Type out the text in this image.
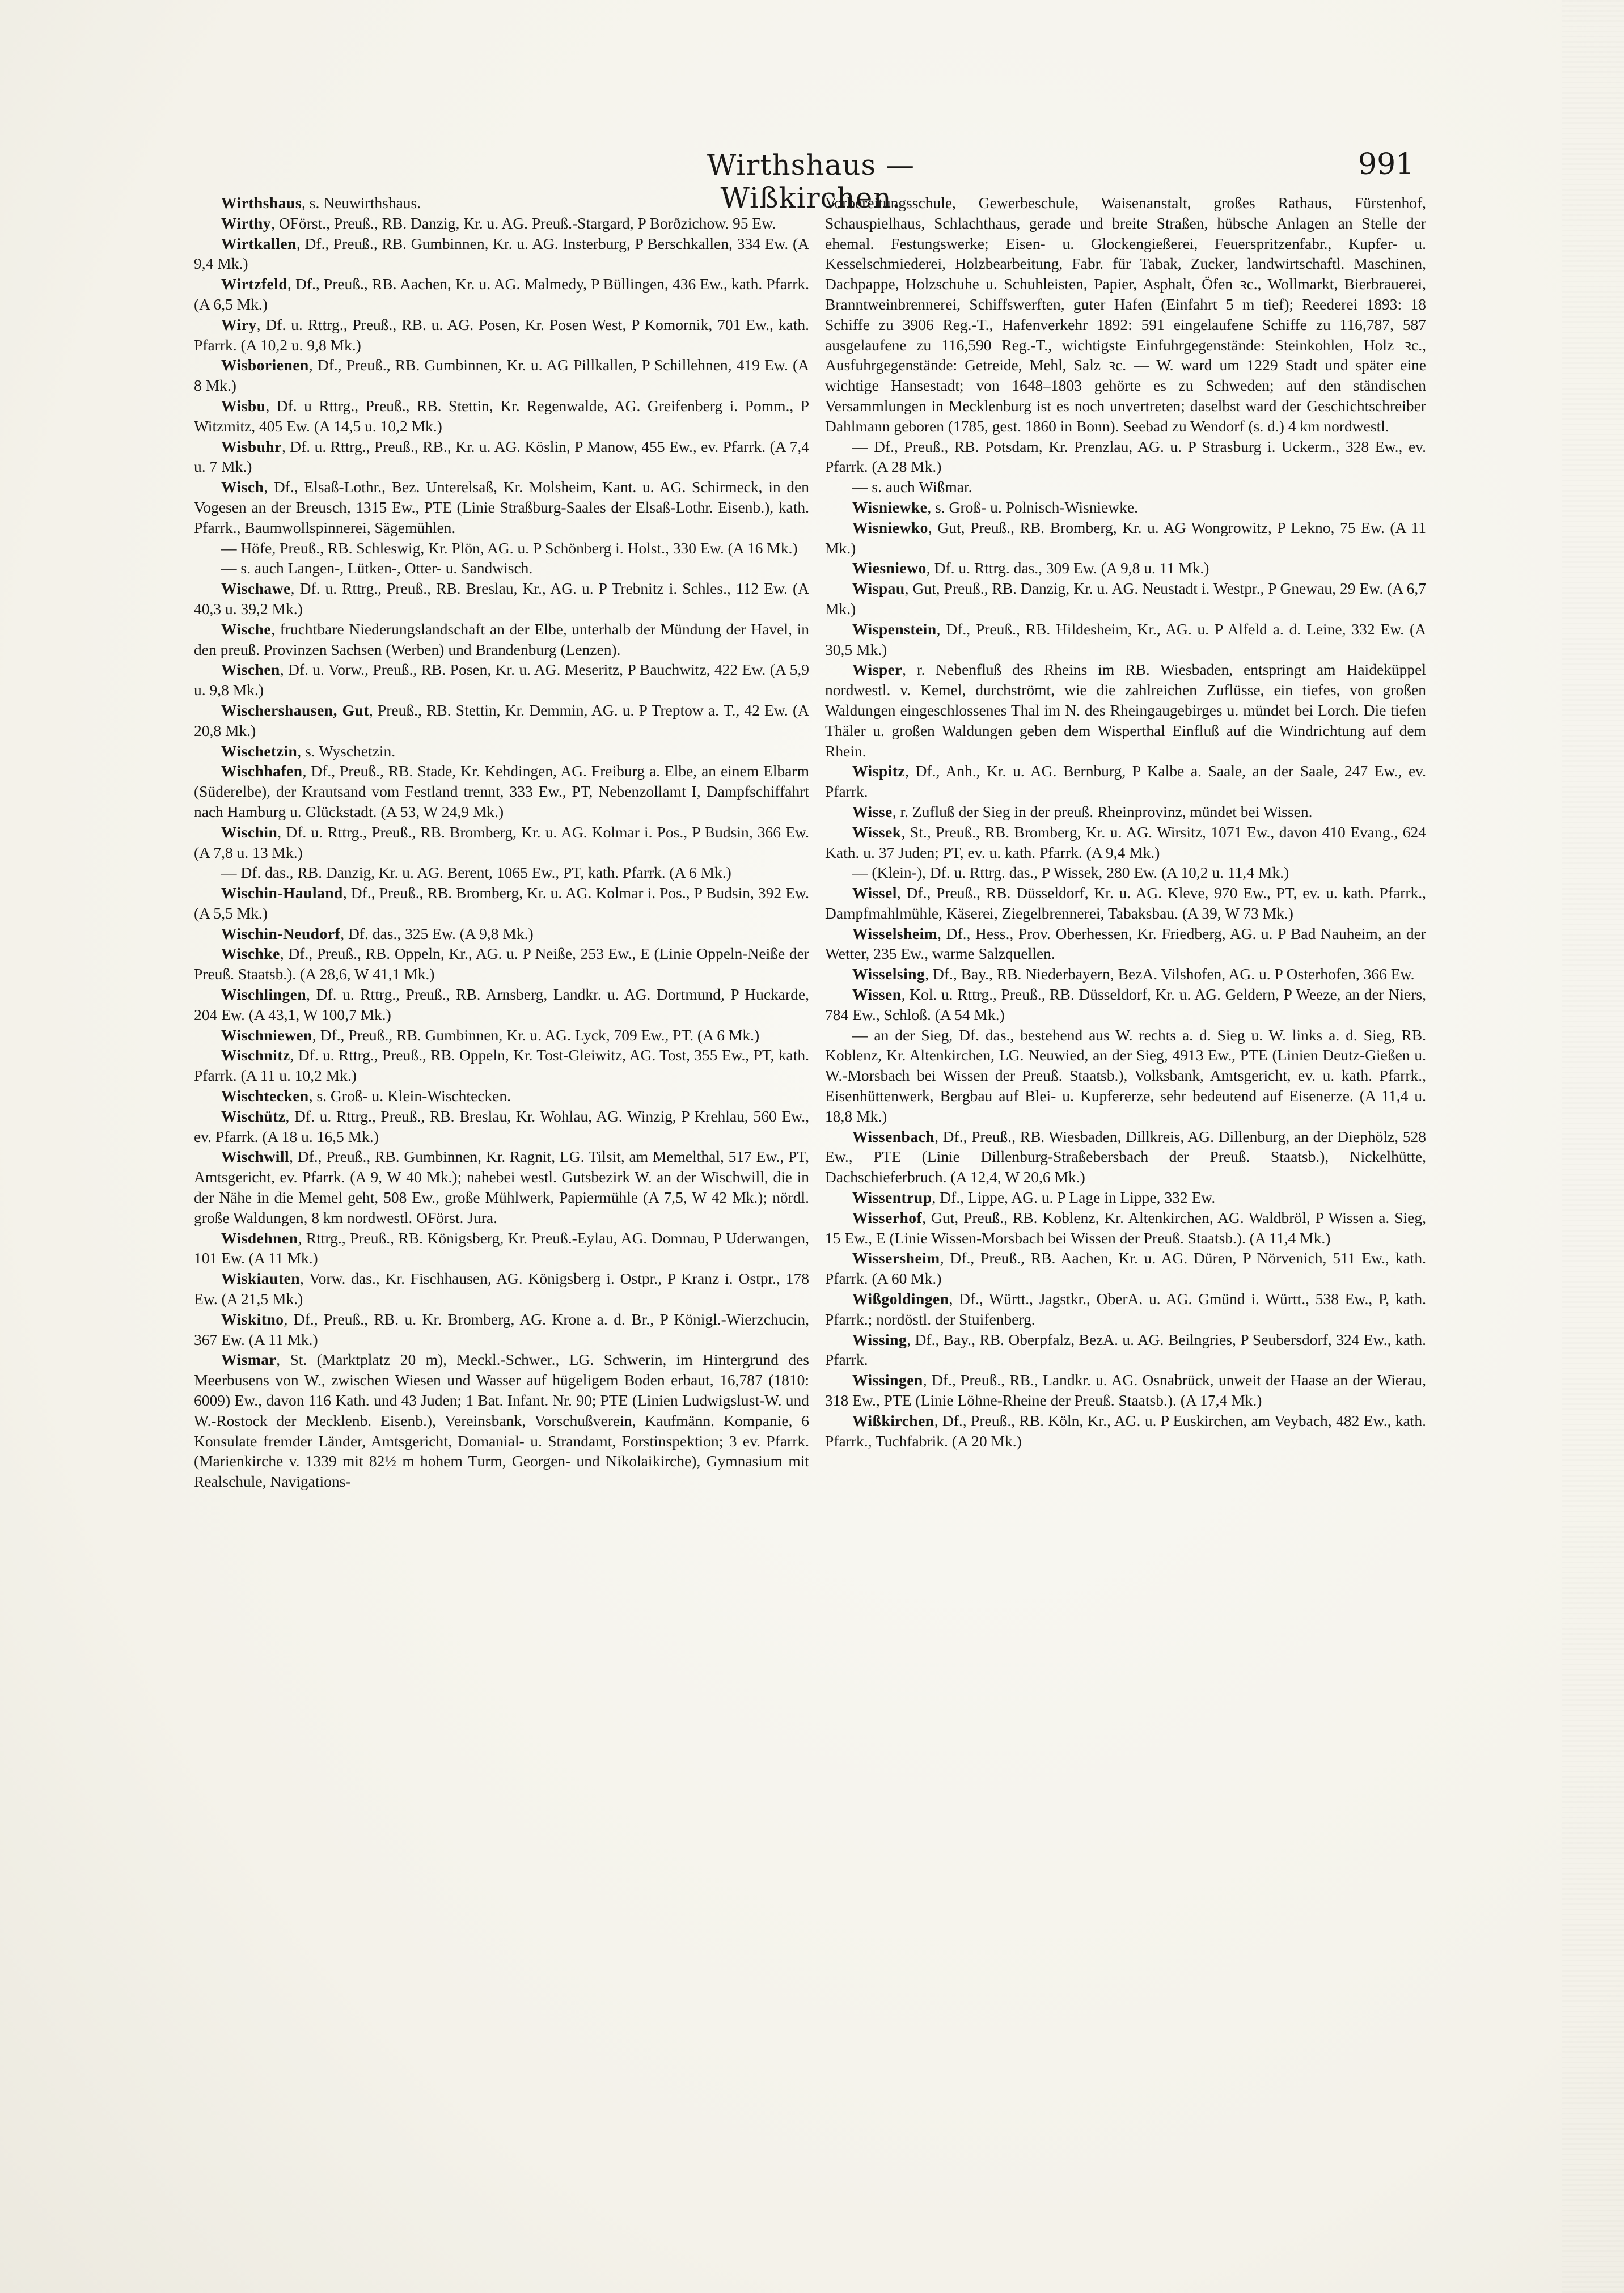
Wirthshaus — Wißkirchen.
991

Wirthshaus, s. Neuwirthshaus.

Wirthy, OFörst., Preuß., RB. Danzig, Kr. u. AG. Preuß.-Stargard, P Borðzichow. 95 Ew.

Wirtkallen, Df., Preuß., RB. Gumbinnen, Kr. u. AG. Insterburg, P Berschkallen, 334 Ew. (A 9,4 Mk.)

Wirtzfeld, Df., Preuß., RB. Aachen, Kr. u. AG. Malmedy, P Büllingen, 436 Ew., kath. Pfarrk. (A 6,5 Mk.)

Wiry, Df. u. Rttrg., Preuß., RB. u. AG. Posen, Kr. Posen West, P Komornik, 701 Ew., kath. Pfarrk. (A 10,2 u. 9,8 Mk.)

Wisborienen, Df., Preuß., RB. Gumbinnen, Kr. u. AG Pillkallen, P Schillehnen, 419 Ew. (A 8 Mk.)

Wisbu, Df. u Rttrg., Preuß., RB. Stettin, Kr. Regenwalde, AG. Greifenberg i. Pomm., P Witzmitz, 405 Ew. (A 14,5 u. 10,2 Mk.)

Wisbuhr, Df. u. Rttrg., Preuß., RB., Kr. u. AG. Köslin, P Manow, 455 Ew., ev. Pfarrk. (A 7,4 u. 7 Mk.)

Wisch, Df., Elsaß-Lothr., Bez. Unterelsaß, Kr. Molsheim, Kant. u. AG. Schirmeck, in den Vogesen an der Breusch, 1315 Ew., PTE (Linie Straßburg-Saales der Elsaß-Lothr. Eisenb.), kath. Pfarrk., Baumwollspinnerei, Sägemühlen.

— Höfe, Preuß., RB. Schleswig, Kr. Plön, AG. u. P Schönberg i. Holst., 330 Ew. (A 16 Mk.)

— s. auch Langen-, Lütken-, Otter- u. Sandwisch.

Wischawe, Df. u. Rttrg., Preuß., RB. Breslau, Kr., AG. u. P Trebnitz i. Schles., 112 Ew. (A 40,3 u. 39,2 Mk.)

Wische, fruchtbare Niederungslandschaft an der Elbe, unterhalb der Mündung der Havel, in den preuß. Provinzen Sachsen (Werben) und Brandenburg (Lenzen).

Wischen, Df. u. Vorw., Preuß., RB. Posen, Kr. u. AG. Meseritz, P Bauchwitz, 422 Ew. (A 5,9 u. 9,8 Mk.)

Wischershausen, Gut, Preuß., RB. Stettin, Kr. Demmin, AG. u. P Treptow a. T., 42 Ew. (A 20,8 Mk.)

Wischetzin, s. Wyschetzin.

Wischhafen, Df., Preuß., RB. Stade, Kr. Kehdingen, AG. Freiburg a. Elbe, an einem Elbarm (Süderelbe), der Krautsand vom Festland trennt, 333 Ew., PT, Nebenzollamt I, Dampfschiffahrt nach Hamburg u. Glückstadt. (A 53, W 24,9 Mk.)

Wischin, Df. u. Rttrg., Preuß., RB. Bromberg, Kr. u. AG. Kolmar i. Pos., P Budsin, 366 Ew. (A 7,8 u. 13 Mk.)

— Df. das., RB. Danzig, Kr. u. AG. Berent, 1065 Ew., PT, kath. Pfarrk. (A 6 Mk.)

Wischin-Hauland, Df., Preuß., RB. Bromberg, Kr. u. AG. Kolmar i. Pos., P Budsin, 392 Ew. (A 5,5 Mk.)

Wischin-Neudorf, Df. das., 325 Ew. (A 9,8 Mk.)

Wischke, Df., Preuß., RB. Oppeln, Kr., AG. u. P Neiße, 253 Ew., E (Linie Oppeln-Neiße der Preuß. Staatsb.). (A 28,6, W 41,1 Mk.)

Wischlingen, Df. u. Rttrg., Preuß., RB. Arnsberg, Landkr. u. AG. Dortmund, P Huckarde, 204 Ew. (A 43,1, W 100,7 Mk.)

Wischniewen, Df., Preuß., RB. Gumbinnen, Kr. u. AG. Lyck, 709 Ew., PT. (A 6 Mk.)

Wischnitz, Df. u. Rttrg., Preuß., RB. Oppeln, Kr. Tost-Gleiwitz, AG. Tost, 355 Ew., PT, kath. Pfarrk. (A 11 u. 10,2 Mk.)

Wischtecken, s. Groß- u. Klein-Wischtecken.

Wischütz, Df. u. Rttrg., Preuß., RB. Breslau, Kr. Wohlau, AG. Winzig, P Krehlau, 560 Ew., ev. Pfarrk. (A 18 u. 16,5 Mk.)

Wischwill, Df., Preuß., RB. Gumbinnen, Kr. Ragnit, LG. Tilsit, am Memelthal, 517 Ew., PT, Amtsgericht, ev. Pfarrk. (A 9, W 40 Mk.); nahebei westl. Gutsbezirk W. an der Wischwill, die in der Nähe in die Memel geht, 508 Ew., große Mühlwerk, Papiermühle (A 7,5, W 42 Mk.); nördl. große Waldungen, 8 km nordwestl. OFörst. Jura.

Wisdehnen, Rttrg., Preuß., RB. Königsberg, Kr. Preuß.-Eylau, AG. Domnau, P Uderwangen, 101 Ew. (A 11 Mk.)

Wiskiauten, Vorw. das., Kr. Fischhausen, AG. Königsberg i. Ostpr., P Kranz i. Ostpr., 178 Ew. (A 21,5 Mk.)

Wiskitno, Df., Preuß., RB. u. Kr. Bromberg, AG. Krone a. d. Br., P Königl.-Wierzchucin, 367 Ew. (A 11 Mk.)

Wismar, St. (Marktplatz 20 m), Meckl.-Schwer., LG. Schwerin, im Hintergrund des Meerbusens von W., zwischen Wiesen und Wasser auf hügeligem Boden erbaut, 16,787 (1810: 6009) Ew., davon 116 Kath. und 43 Juden; 1 Bat. Infant. Nr. 90; PTE (Linien Ludwigslust-W. und W.-Rostock der Mecklenb. Eisenb.), Vereinsbank, Vorschußverein, Kaufmänn. Kompanie, 6 Konsulate fremder Länder, Amtsgericht, Domanial- u. Strandamt, Forstinspektion; 3 ev. Pfarrk. (Marienkirche v. 1339 mit 82½ m hohem Turm, Georgen- und Nikolaikirche), Gymnasium mit Realschule, Navigations-

Vorbereitungsschule, Gewerbeschule, Waisenanstalt, großes Rathaus, Fürstenhof, Schauspielhaus, Schlachthaus, gerade und breite Straßen, hübsche Anlagen an Stelle der ehemal. Festungswerke; Eisen- u. Glockengießerei, Feuerspritzenfabr., Kupfer- u. Kesselschmiederei, Holzbearbeitung, Fabr. für Tabak, Zucker, landwirtschaftl. Maschinen, Dachpappe, Holzschuhe u. Schuhleisten, Papier, Asphalt, Öfen ꝛc., Wollmarkt, Bierbrauerei, Branntweinbrennerei, Schiffswerften, guter Hafen (Einfahrt 5 m tief); Reederei 1893: 18 Schiffe zu 3906 Reg.-T., Hafenverkehr 1892: 591 eingelaufene Schiffe zu 116,787, 587 ausgelaufene zu 116,590 Reg.-T., wichtigste Einfuhrgegenstände: Steinkohlen, Holz ꝛc., Ausfuhrgegenstände: Getreide, Mehl, Salz ꝛc. — W. ward um 1229 Stadt und später eine wichtige Hansestadt; von 1648–1803 gehörte es zu Schweden; auf den ständischen Versammlungen in Mecklenburg ist es noch unvertreten; daselbst ward der Geschichtschreiber Dahlmann geboren (1785, gest. 1860 in Bonn). Seebad zu Wendorf (s. d.) 4 km nordwestl.

— Df., Preuß., RB. Potsdam, Kr. Prenzlau, AG. u. P Strasburg i. Uckerm., 328 Ew., ev. Pfarrk. (A 28 Mk.)

— s. auch Wißmar.

Wisniewke, s. Groß- u. Polnisch-Wisniewke.

Wisniewko, Gut, Preuß., RB. Bromberg, Kr. u. AG Wongrowitz, P Lekno, 75 Ew. (A 11 Mk.)

Wiesniewo, Df. u. Rttrg. das., 309 Ew. (A 9,8 u. 11 Mk.)

Wispau, Gut, Preuß., RB. Danzig, Kr. u. AG. Neustadt i. Westpr., P Gnewau, 29 Ew. (A 6,7 Mk.)

Wispenstein, Df., Preuß., RB. Hildesheim, Kr., AG. u. P Alfeld a. d. Leine, 332 Ew. (A 30,5 Mk.)

Wisper, r. Nebenfluß des Rheins im RB. Wiesbaden, entspringt am Haideküppel nordwestl. v. Kemel, durchströmt, wie die zahlreichen Zuflüsse, ein tiefes, von großen Waldungen eingeschlossenes Thal im N. des Rheingaugebirges u. mündet bei Lorch. Die tiefen Thäler u. großen Waldungen geben dem Wisperthal Einfluß auf die Windrichtung auf dem Rhein.

Wispitz, Df., Anh., Kr. u. AG. Bernburg, P Kalbe a. Saale, an der Saale, 247 Ew., ev. Pfarrk.

Wisse, r. Zufluß der Sieg in der preuß. Rheinprovinz, mündet bei Wissen.

Wissek, St., Preuß., RB. Bromberg, Kr. u. AG. Wirsitz, 1071 Ew., davon 410 Evang., 624 Kath. u. 37 Juden; PT, ev. u. kath. Pfarrk. (A 9,4 Mk.)

— (Klein-), Df. u. Rttrg. das., P Wissek, 280 Ew. (A 10,2 u. 11,4 Mk.)

Wissel, Df., Preuß., RB. Düsseldorf, Kr. u. AG. Kleve, 970 Ew., PT, ev. u. kath. Pfarrk., Dampfmahlmühle, Käserei, Ziegelbrennerei, Tabaksbau. (A 39, W 73 Mk.)

Wisselsheim, Df., Hess., Prov. Oberhessen, Kr. Friedberg, AG. u. P Bad Nauheim, an der Wetter, 235 Ew., warme Salzquellen.

Wisselsing, Df., Bay., RB. Niederbayern, BezA. Vilshofen, AG. u. P Osterhofen, 366 Ew.

Wissen, Kol. u. Rttrg., Preuß., RB. Düsseldorf, Kr. u. AG. Geldern, P Weeze, an der Niers, 784 Ew., Schloß. (A 54 Mk.)

— an der Sieg, Df. das., bestehend aus W. rechts a. d. Sieg u. W. links a. d. Sieg, RB. Koblenz, Kr. Altenkirchen, LG. Neuwied, an der Sieg, 4913 Ew., PTE (Linien Deutz-Gießen u. W.-Morsbach bei Wissen der Preuß. Staatsb.), Volksbank, Amtsgericht, ev. u. kath. Pfarrk., Eisenhüttenwerk, Bergbau auf Blei- u. Kupfererze, sehr bedeutend auf Eisenerze. (A 11,4 u. 18,8 Mk.)

Wissenbach, Df., Preuß., RB. Wiesbaden, Dillkreis, AG. Dillenburg, an der Diephölz, 528 Ew., PTE (Linie Dillenburg-Straßebersbach der Preuß. Staatsb.), Nickelhütte, Dachschieferbruch. (A 12,4, W 20,6 Mk.)

Wissentrup, Df., Lippe, AG. u. P Lage in Lippe, 332 Ew.

Wisserhof, Gut, Preuß., RB. Koblenz, Kr. Altenkirchen, AG. Waldbröl, P Wissen a. Sieg, 15 Ew., E (Linie Wissen-Morsbach bei Wissen der Preuß. Staatsb.). (A 11,4 Mk.)

Wissersheim, Df., Preuß., RB. Aachen, Kr. u. AG. Düren, P Nörvenich, 511 Ew., kath. Pfarrk. (A 60 Mk.)

Wißgoldingen, Df., Württ., Jagstkr., OberA. u. AG. Gmünd i. Württ., 538 Ew., P, kath. Pfarrk.; nordöstl. der Stuifenberg.

Wissing, Df., Bay., RB. Oberpfalz, BezA. u. AG. Beilngries, P Seubersdorf, 324 Ew., kath. Pfarrk.

Wissingen, Df., Preuß., RB., Landkr. u. AG. Osnabrück, unweit der Haase an der Wierau, 318 Ew., PTE (Linie Löhne-Rheine der Preuß. Staatsb.). (A 17,4 Mk.)

Wißkirchen, Df., Preuß., RB. Köln, Kr., AG. u. P Euskirchen, am Veybach, 482 Ew., kath. Pfarrk., Tuchfabrik. (A 20 Mk.)
